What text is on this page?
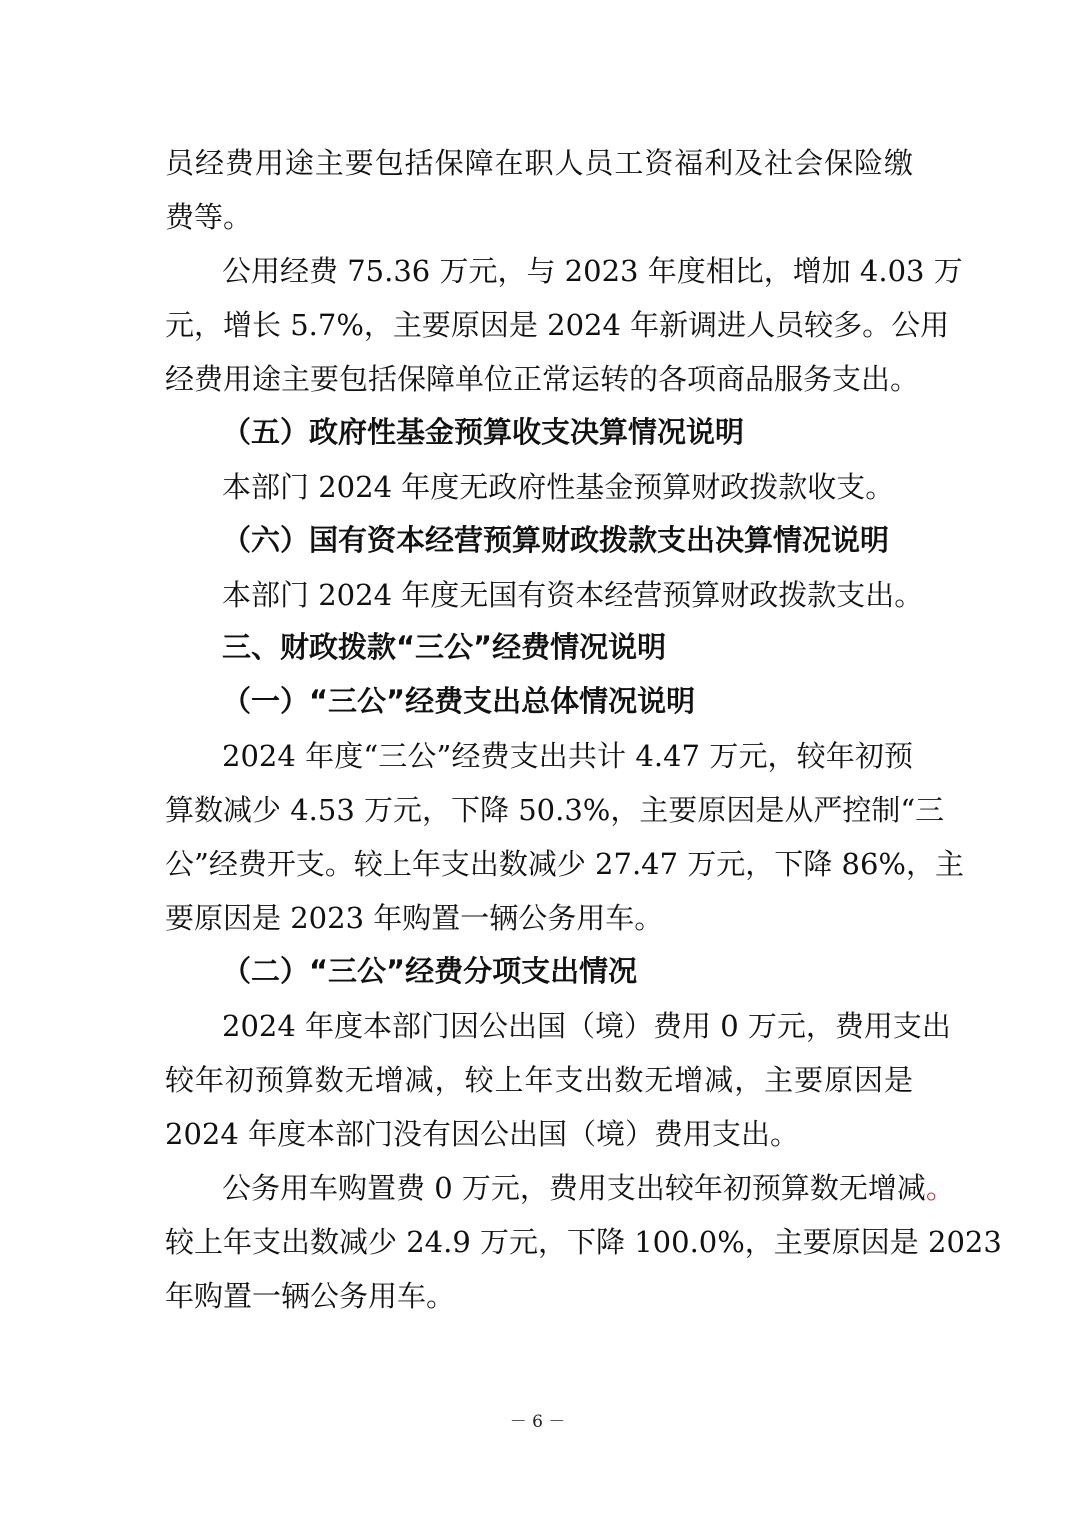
员经费用途主要包括保障在职人员工资福利及社会保险缴
费等。
公用经费 75.36 万元，与 2023 年度相比，增加 4.03 万
元，增长 5.7%，主要原因是 2024 年新调进人员较多。公用
经费用途主要包括保障单位正常运转的各项商品服务支出。
（五）政府性基金预算收支决算情况说明
本部门 2024 年度无政府性基金预算财政拨款收支。
（六）国有资本经营预算财政拨款支出决算情况说明
本部门 2024 年度无国有资本经营预算财政拨款支出。
三、财政拨款“三公”经费情况说明
（一）“三公”经费支出总体情况说明
2024 年度“三公”经费支出共计 4.47 万元，较年初预
算数减少 4.53 万元，下降 50.3%，主要原因是从严控制“三
公”经费开支。较上年支出数减少 27.47 万元，下降 86%，主
要原因是 2023 年购置一辆公务用车。
（二）“三公”经费分项支出情况
2024 年度本部门因公出国（境）费用 0 万元，费用支出
较年初预算数无增减，较上年支出数无增减，主要原因是
2024 年度本部门没有因公出国（境）费用支出。
公务用车购置费 0 万元，费用支出较年初预算数无增减。
较上年支出数减少 24.9 万元，下降 100.0%，主要原因是 2023
年购置一辆公务用车。
－ 6 －
